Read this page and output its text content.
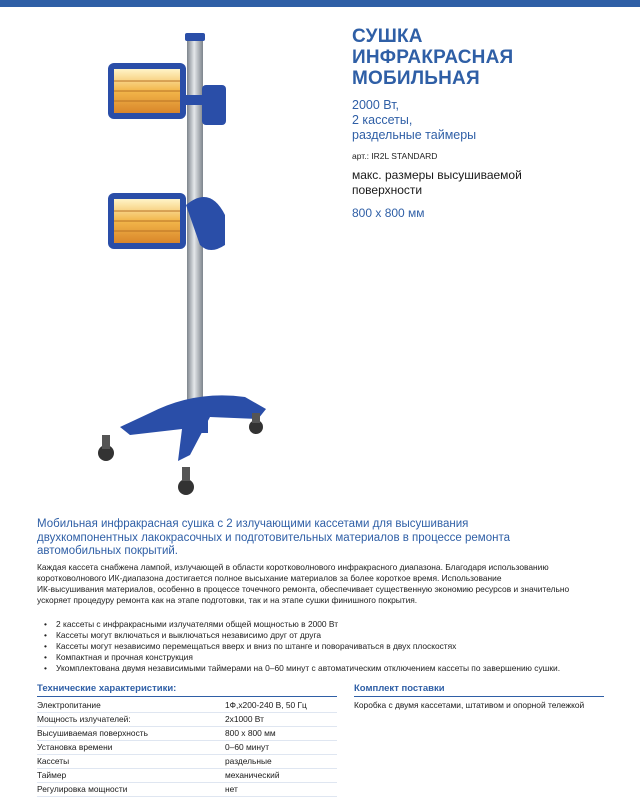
СУШКА
ИНФРАКРАСНАЯ
МОБИЛЬНАЯ
2000 Вт,
2 кассеты,
раздельные таймеры
арт.: IR2L STANDARD
макс. размеры высушиваемой
поверхности
800 х 800 мм
Мобильная инфракрасная сушка с 2 излучающими кассетами для высушивания
двухкомпонентных лакокрасочных и подготовительных материалов в процессе ремонта
автомобильных покрытий.
Каждая кассета снабжена лампой, излучающей в области коротковолнового инфракрасного диапазона. Благодаря использованию
коротковолнового ИК-диапазона достигается полное высыхание материалов за более короткое время. Использование
ИК-высушивания материалов, особенно в процессе точечного ремонта, обеспечивает существенную экономию ресурсов и значительно
ускоряет процедуру ремонта как на этапе подготовки, так и на этапе сушки финишного покрытия.
• 2 кассеты с инфракрасными излучателями общей мощностью в 2000 Вт
• Кассеты могут включаться и выключаться независимо друг от друга
• Кассеты могут независимо перемещаться вверх и вниз по штанге и поворачиваться в двух плоскостях
• Компактная и прочная конструкция
• Укомплектована двумя независимыми таймерами на 0–60 минут с автоматическим отключением кассеты по завершению сушки.
Технические характеристики:	Комплект поставки
Электропитание	1Ф,х200-240 В, 50 Гц
Мощность излучателей:	2х1000 Вт
Высушиваемая поверхность	800 х 800 мм
Установка времени	0–60 минут
Кассеты	раздельные
Таймер	механический
Регулировка мощности	нет
Коробка с двумя кассетами, штативом и опорной тележкой
